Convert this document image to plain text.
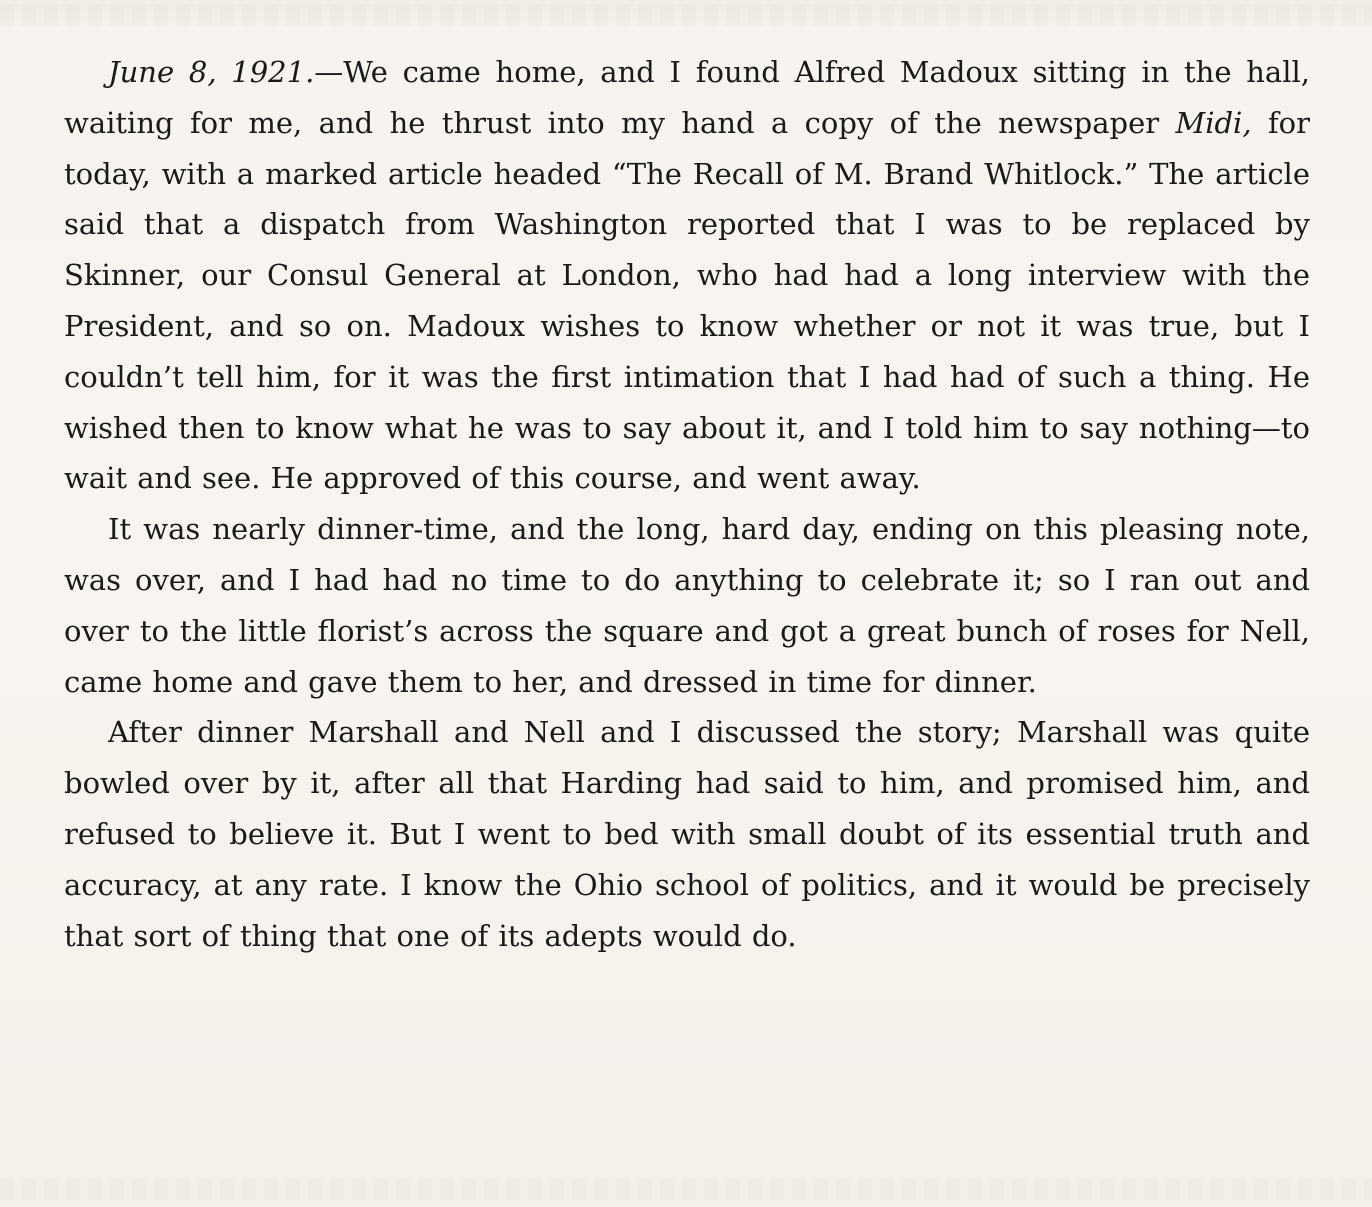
June 8, 1921.—We came home, and I found Alfred Madoux sitting in the hall, waiting for me, and he thrust into my hand a copy of the newspaper Midi, for today, with a marked article headed “The Recall of M. Brand Whitlock.” The article said that a dispatch from Washington reported that I was to be replaced by Skinner, our Consul General at London, who had had a long interview with the President, and so on. Madoux wishes to know whether or not it was true, but I couldn’t tell him, for it was the first intimation that I had had of such a thing. He wished then to know what he was to say about it, and I told him to say nothing—to wait and see. He approved of this course, and went away.

It was nearly dinner-time, and the long, hard day, ending on this pleasing note, was over, and I had had no time to do anything to celebrate it; so I ran out and over to the little florist’s across the square and got a great bunch of roses for Nell, came home and gave them to her, and dressed in time for dinner.

After dinner Marshall and Nell and I discussed the story; Marshall was quite bowled over by it, after all that Harding had said to him, and promised him, and refused to believe it. But I went to bed with small doubt of its essential truth and accuracy, at any rate. I know the Ohio school of politics, and it would be precisely that sort of thing that one of its adepts would do.
